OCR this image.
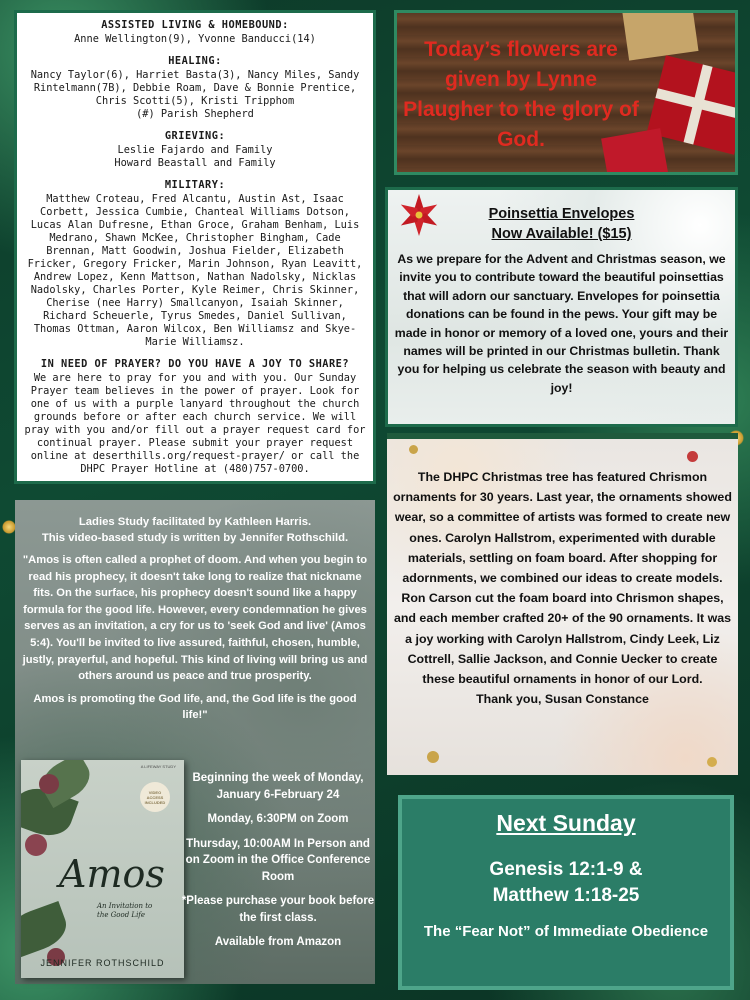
ASSISTED LIVING & HOMEBOUND:
Anne Wellington(9), Yvonne Banducci(14)
HEALING:
Nancy Taylor(6), Harriet Basta(3), Nancy Miles, Sandy Rintelmann(7B), Debbie Roam, Dave & Bonnie Prentice, Chris Scotti(5), Kristi Tripphom
(#) Parish Shepherd
GRIEVING:
Leslie Fajardo and Family
Howard Beastall and Family
MILITARY:
Matthew Croteau, Fred Alcantu, Austin Ast, Isaac Corbett, Jessica Cumbie, Chanteal Williams Dotson, Lucas Alan Dufresne, Ethan Groce, Graham Benham, Luis Medrano, Shawn McKee, Christopher Bingham, Cade Brennan, Matt Goodwin, Joshua Fielder, Elizabeth Fricker, Gregory Fricker, Marin Johnson, Ryan Leavitt, Andrew Lopez, Kenn Mattson, Nathan Nadolsky, Nicklas Nadolsky, Charles Porter, Kyle Reimer, Chris Skinner, Cherise (nee Harry) Smallcanyon, Isaiah Skinner, Richard Scheuerle, Tyrus Smedes, Daniel Sullivan, Thomas Ottman, Aaron Wilcox, Ben Williamsz and Skye-Marie Williamsz.
IN NEED OF PRAYER? DO YOU HAVE A JOY TO SHARE?
We are here to pray for you and with you. Our Sunday Prayer team believes in the power of prayer. Look for one of us with a purple lanyard throughout the church grounds before or after each church service. We will pray with you and/or fill out a prayer request card for continual prayer. Please submit your prayer request online at deserthills.org/request-prayer/ or call the DHPC Prayer Hotline at (480)757-0700.
Today’s flowers are given by Lynne Plaugher to the glory of God.
Poinsettia Envelopes
Now Available! ($15)
As we prepare for the Advent and Christmas season, we invite you to contribute toward the beautiful poinsettias that will adorn our sanctuary. Envelopes for poinsettia donations can be found in the pews. Your gift may be made in honor or memory of a loved one, yours and their names will be printed in our Christmas bulletin. Thank you for helping us celebrate the season with beauty and joy!
The DHPC Christmas tree has featured Chrismon ornaments for 30 years. Last year, the ornaments showed wear, so a committee of artists was formed to create new ones. Carolyn Hallstrom, experimented with durable materials, settling on foam board. After shopping for adornments, we combined our ideas to create models. Ron Carson cut the foam board into Chrismon shapes, and each member crafted 20+ of the 90 ornaments. It was a joy working with Carolyn Hallstrom, Cindy Leek, Liz Cottrell, Sallie Jackson, and Connie Uecker to create these beautiful ornaments in honor of our Lord.
Thank you, Susan Constance
Ladies Study facilitated by Kathleen Harris.
This video-based study is written by Jennifer Rothschild.
"Amos is often called a prophet of doom. And when you begin to read his prophecy, it doesn't take long to realize that nickname fits. On the surface, his prophecy doesn't sound like a happy formula for the good life. However, every condemnation he gives serves as an invitation, a cry for us to 'seek God and live' (Amos 5:4). You'll be invited to live assured, faithful, chosen, humble, justly, prayerful, and hopeful. This kind of living will bring us and others around us peace and true prosperity.
Amos is promoting the God life, and, the God life is the good life!"
A LIFEWAY STUDY
VIDEO ACCESS INCLUDED
Amos
An Invitation to the Good Life
JENNIFER ROTHSCHILD

Beginning the week of Monday, January 6-February 24

Monday, 6:30PM on Zoom

Thursday, 10:00AM In Person and on Zoom in the Office Conference Room

*Please purchase your book before the first class.

Available from Amazon

Next Sunday
Genesis 12:1-9 &
Matthew 1:18-25
The “Fear Not” of Immediate Obedience
